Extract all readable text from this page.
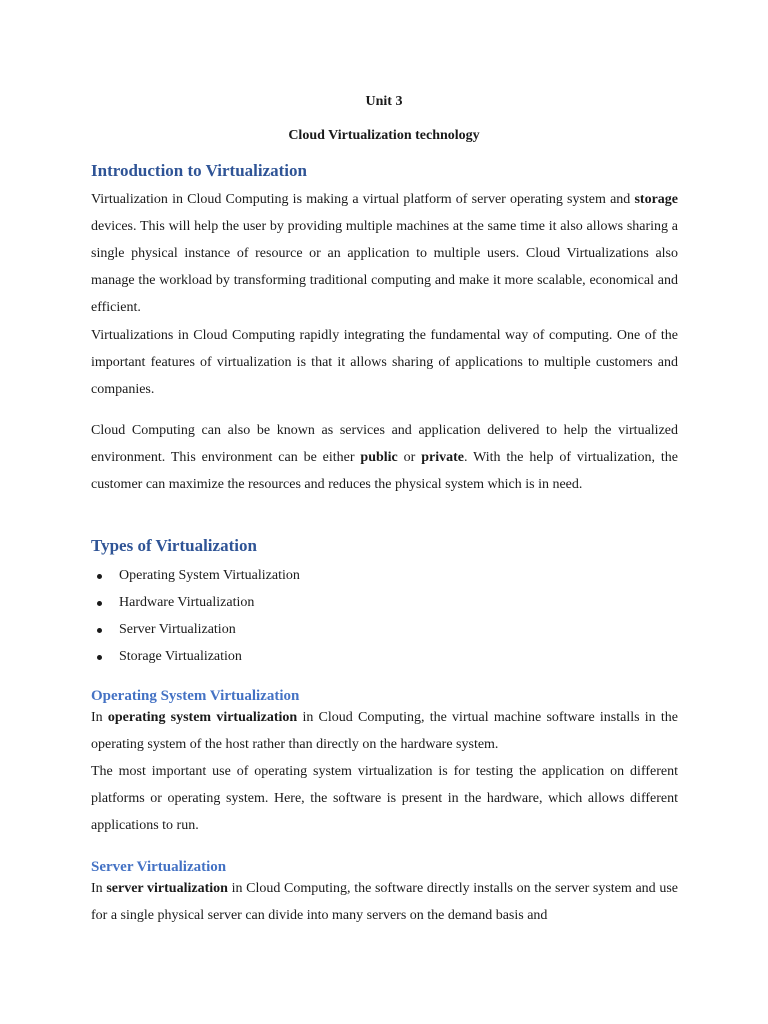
Unit 3
Cloud Virtualization technology
Introduction to Virtualization
Virtualization in Cloud Computing is making a virtual platform of server operating system and storage devices. This will help the user by providing multiple machines at the same time it also allows sharing a single physical instance of resource or an application to multiple users. Cloud Virtualizations also manage the workload by transforming traditional computing and make it more scalable, economical and efficient.
Virtualizations in Cloud Computing rapidly integrating the fundamental way of computing. One of the important features of virtualization is that it allows sharing of applications to multiple customers and companies.
Cloud Computing can also be known as services and application delivered to help the virtualized environment. This environment can be either public or private. With the help of virtualization, the customer can maximize the resources and reduces the physical system which is in need.
Types of Virtualization
Operating System Virtualization
Hardware Virtualization
Server Virtualization
Storage Virtualization
Operating System Virtualization
In operating system virtualization in Cloud Computing, the virtual machine software installs in the operating system of the host rather than directly on the hardware system.
The most important use of operating system virtualization is for testing the application on different platforms or operating system. Here, the software is present in the hardware, which allows different applications to run.
Server Virtualization
In server virtualization in Cloud Computing, the software directly installs on the server system and use for a single physical server can divide into many servers on the demand basis and
